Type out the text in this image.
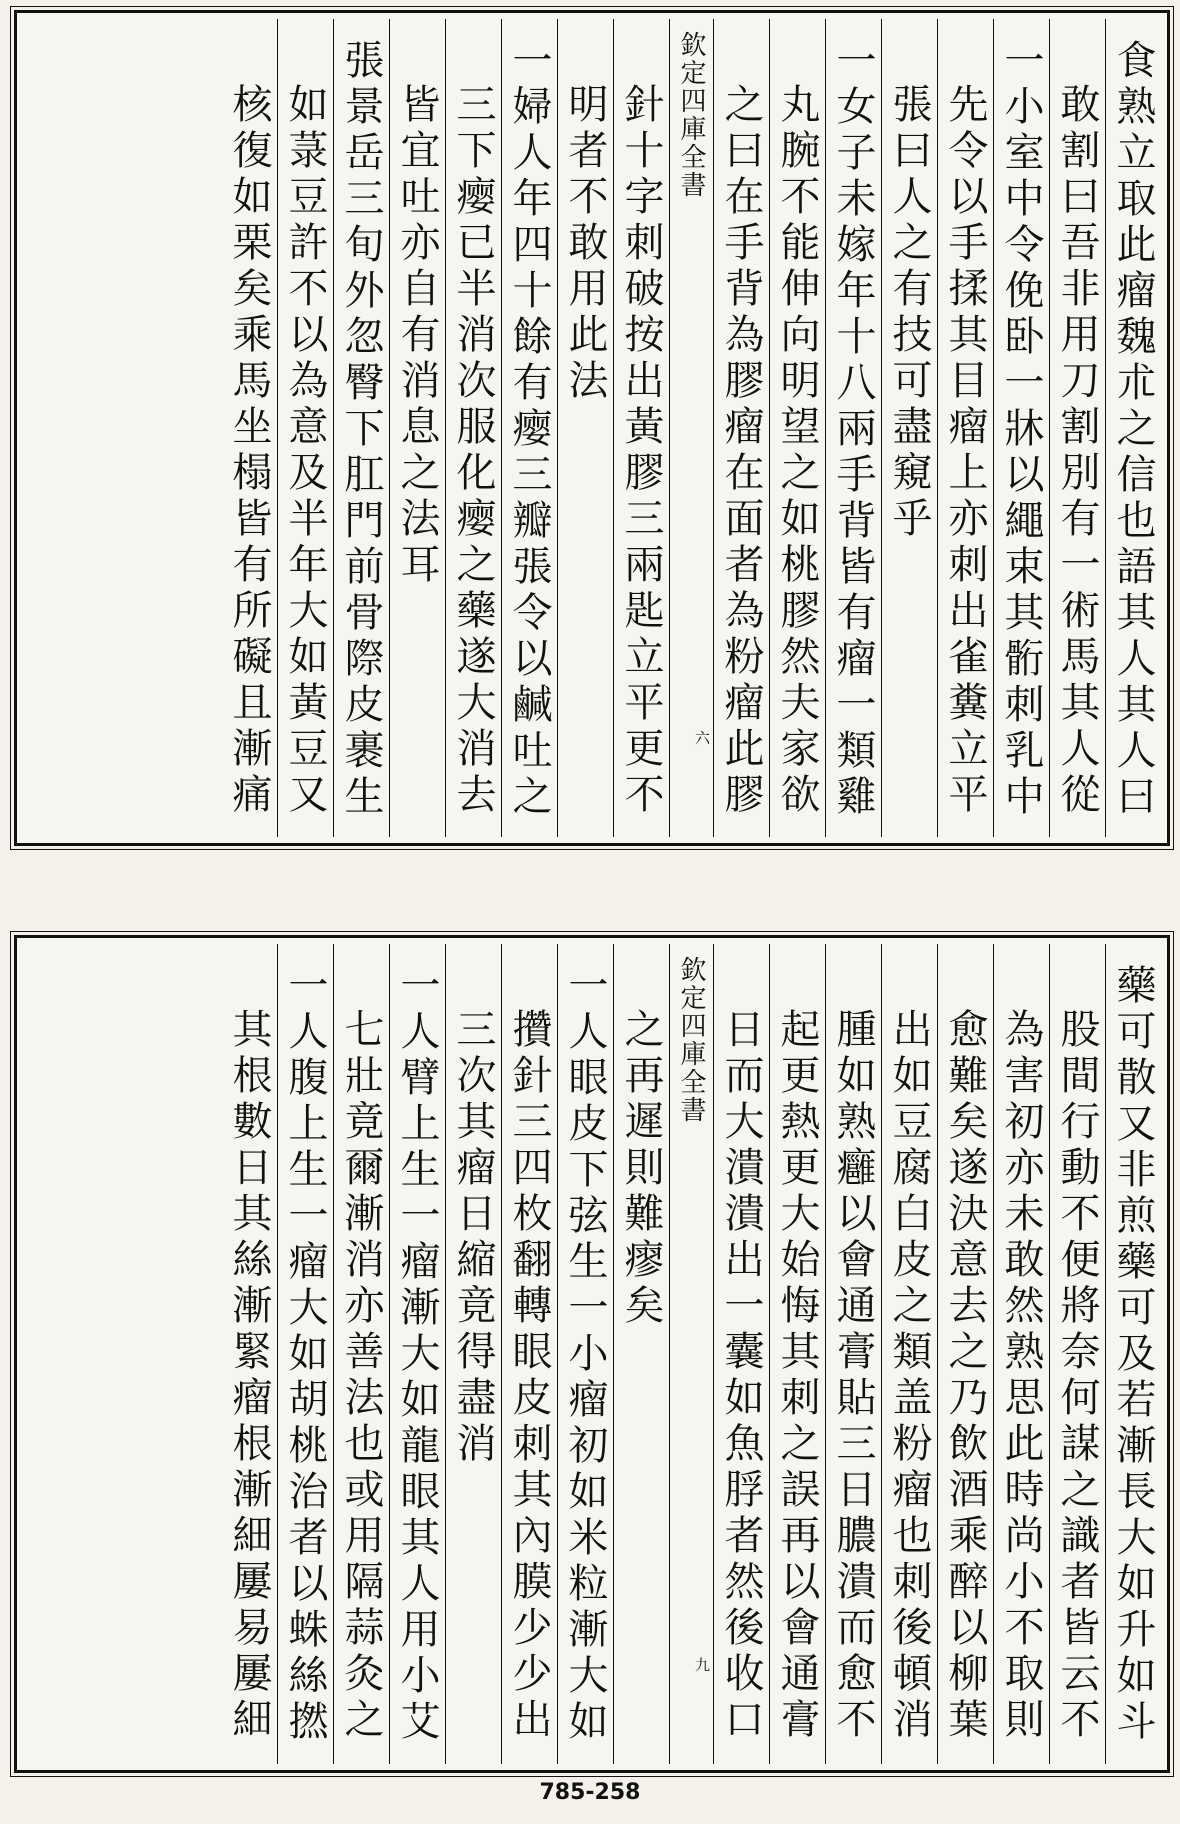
食熟立取此瘤魏朮之信也語其人其人曰
敢割曰吾非用刀割別有一術馬其人從
一小室中令俛卧一牀以繩束其䯒刺乳中
先令以手揉其目瘤上亦刺出雀糞立平
張曰人之有技可盡窺乎
一女子未嫁年十八兩手背皆有瘤一類雞
丸腕不能伸向明望之如桃膠然夫家欲
之曰在手背為膠瘤在面者為粉瘤此膠
欽定四庫全書
六
針十字刺破按出黃膠三兩匙立平更不
明者不敢用此法
一婦人年四十餘有瘿三瓣張令以鹹吐之
三下瘿已半消次服化瘿之藥遂大消去
皆宜吐亦自有消息之法耳
張景岳三旬外忽臀下肛門前骨際皮裹生
如菉豆許不以為意及半年大如黃豆又
核復如栗矣乘馬坐榻皆有所礙且漸痛
藥可散又非煎藥可及若漸長大如升如斗
股間行動不便將奈何謀之識者皆云不
為害初亦未敢然熟思此時尚小不取則
愈難矣遂決意去之乃飲酒乘醉以柳葉
出如豆腐白皮之類盖粉瘤也刺後頓消
腫如熟癰以會通膏貼三日膿潰而愈不
起更熱更大始悔其刺之誤再以會通膏
日而大潰潰出一囊如魚脬者然後收口
欽定四庫全書
九
之再遲則難瘳矣
一人眼皮下弦生一小瘤初如米粒漸大如
攢針三四枚翻轉眼皮刺其內膜少少出
三次其瘤日縮竟得盡消
一人臂上生一瘤漸大如龍眼其人用小艾
七壯竟爾漸消亦善法也或用隔蒜灸之
一人腹上生一瘤大如胡桃治者以蛛絲撚
其根數日其絲漸緊瘤根漸細屢易屢細
785-258
